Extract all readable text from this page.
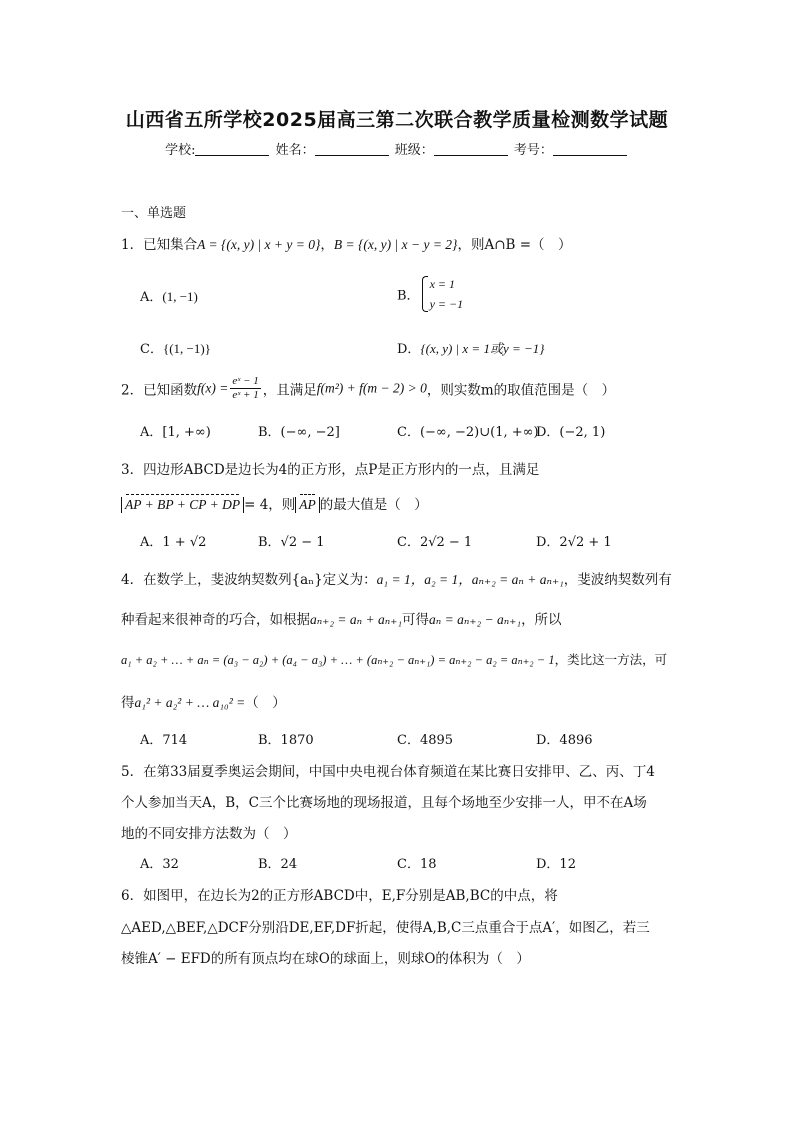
山西省五所学校2025届高三第二次联合教学质量检测数学试题
学校:	姓名：	班级：	考号：
一、单选题
1．已知集合A = {(x, y) | x + y = 0}，B = {(x, y) | x − y = 2}，则A∩B =（　）
A．(1, −1)	B．
x = 1
y = −1
C．{(1, −1)}	D．{(x, y) | x = 1或y = −1}
2．已知函数$f(x) = \frac{\text{eˣ − 1}}{\text{eˣ + 1}}$ ，且满足f(m²) + f(m − 2) > 0，则实数m的取值范围是（　）
A．[1, +∞)	B．(−∞, −2]	C．(−∞, −2)∪(1, +∞)
D．(−2, 1)
3．四边形ABCD是边长为4的正方形，点P是正方形内的一点，且满足
AP + BP + CP + DP = 4，则 AP 的最大值是（　）
A．1 + √2	B．√2 − 1	C．2√2 − 1	D．2√2 + 1
4．在数学上，斐波纳契数列{aₙ}定义为：a₁ = 1，a₂ = 1，aₙ₊₂ = aₙ + aₙ₊₁，斐波纳契数列有
种看起来很神奇的巧合，如根据aₙ₊₂ = aₙ + aₙ₊₁可得aₙ = aₙ₊₂ − aₙ₊₁，所以
a₁ + a₂ + … + aₙ = (a₃ − a₂) + (a₄ − a₃) + … + (aₙ₊₂ − aₙ₊₁) = aₙ₊₂ − a₂ = aₙ₊₂ − 1，类比这一方法，可
得a₁² + a₂² + … a₁₀² =（　）
A．714	B．1870	C．4895	D．4896
5．在第33届夏季奥运会期间，中国中央电视台体育频道在某比赛日安排甲、乙、丙、丁4
个人参加当天A，B，C三个比赛场地的现场报道，且每个场地至少安排一人，甲不在A场
地的不同安排方法数为（　）
A．32	B．24	C．18	D．12
6．如图甲，在边长为2的正方形ABCD中，E,F分别是AB,BC的中点，将
△AED,△BEF,△DCF分别沿DE,EF,DF折起，使得A,B,C三点重合于点A′，如图乙，若三
棱锥A′ − EFD的所有顶点均在球O的球面上，则球O的体积为（　）
